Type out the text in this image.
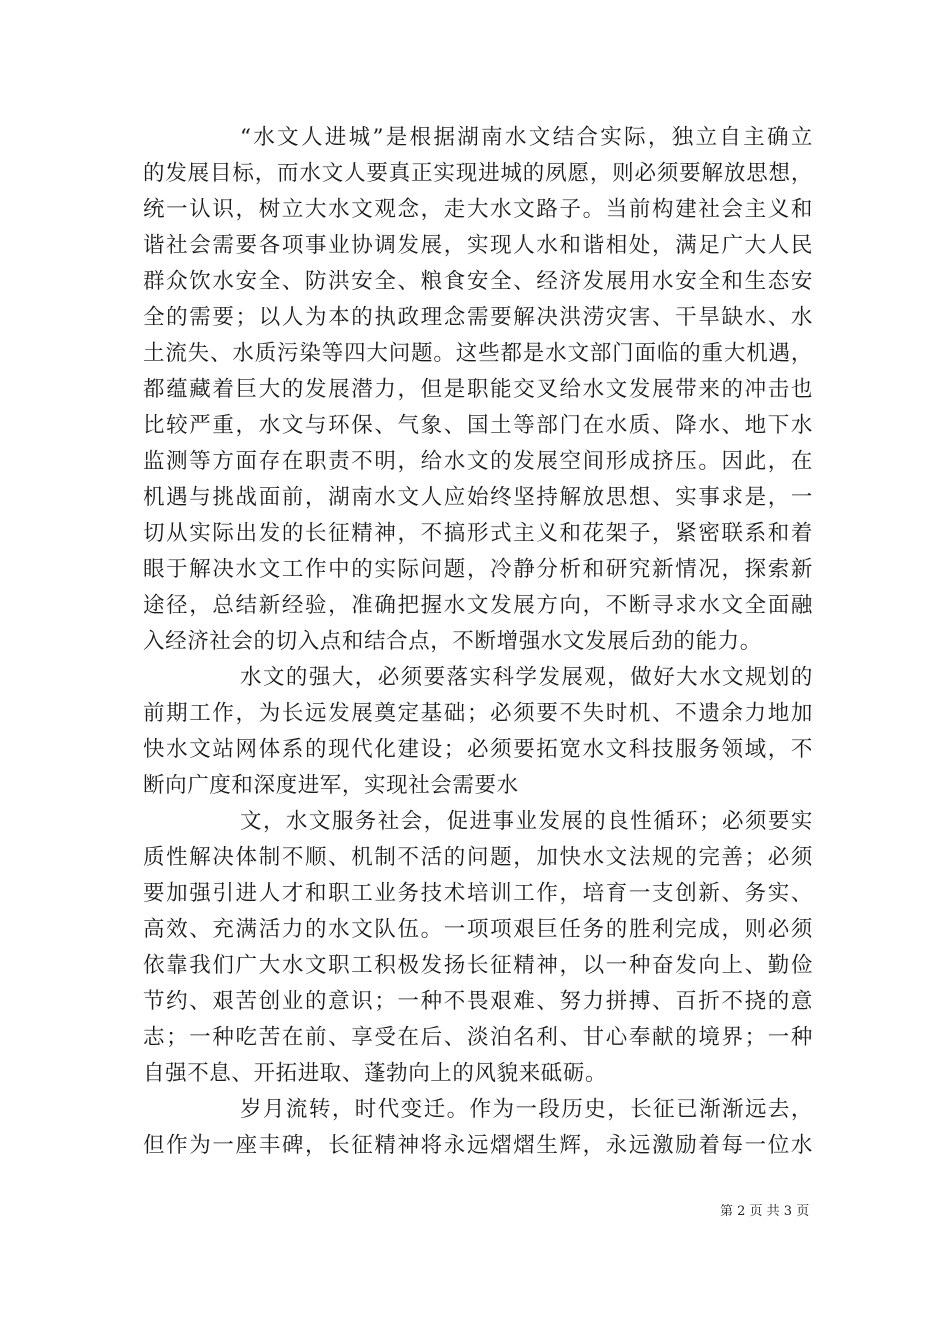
“水文人进城”是根据湖南水文结合实际，独立自主确立
的发展目标，而水文人要真正实现进城的夙愿，则必须要解放思想，
统一认识，树立大水文观念，走大水文路子。当前构建社会主义和
谐社会需要各项事业协调发展，实现人水和谐相处，满足广大人民
群众饮水安全、防洪安全、粮食安全、经济发展用水安全和生态安
全的需要；以人为本的执政理念需要解决洪涝灾害、干旱缺水、水
土流失、水质污染等四大问题。这些都是水文部门面临的重大机遇，
都蕴藏着巨大的发展潜力，但是职能交叉给水文发展带来的冲击也
比较严重，水文与环保、气象、国土等部门在水质、降水、地下水
监测等方面存在职责不明，给水文的发展空间形成挤压。因此，在
机遇与挑战面前，湖南水文人应始终坚持解放思想、实事求是，一
切从实际出发的长征精神，不搞形式主义和花架子，紧密联系和着
眼于解决水文工作中的实际问题，冷静分析和研究新情况，探索新
途径，总结新经验，准确把握水文发展方向，不断寻求水文全面融
入经济社会的切入点和结合点，不断增强水文发展后劲的能力。
水文的强大，必须要落实科学发展观，做好大水文规划的
前期工作，为长远发展奠定基础；必须要不失时机、不遗余力地加
快水文站网体系的现代化建设；必须要拓宽水文科技服务领域，不
断向广度和深度进军，实现社会需要水
文，水文服务社会，促进事业发展的良性循环；必须要实
质性解决体制不顺、机制不活的问题，加快水文法规的完善；必须
要加强引进人才和职工业务技术培训工作，培育一支创新、务实、
高效、充满活力的水文队伍。一项项艰巨任务的胜利完成，则必须
依靠我们广大水文职工积极发扬长征精神，以一种奋发向上、勤俭
节约、艰苦创业的意识；一种不畏艰难、努力拼搏、百折不挠的意
志；一种吃苦在前、享受在后、淡泊名利、甘心奉献的境界；一种
自强不息、开拓进取、蓬勃向上的风貌来砥砺。
岁月流转，时代变迁。作为一段历史，长征已渐渐远去，
但作为一座丰碑，长征精神将永远熠熠生辉，永远激励着每一位水
第 2 页 共 3 页
